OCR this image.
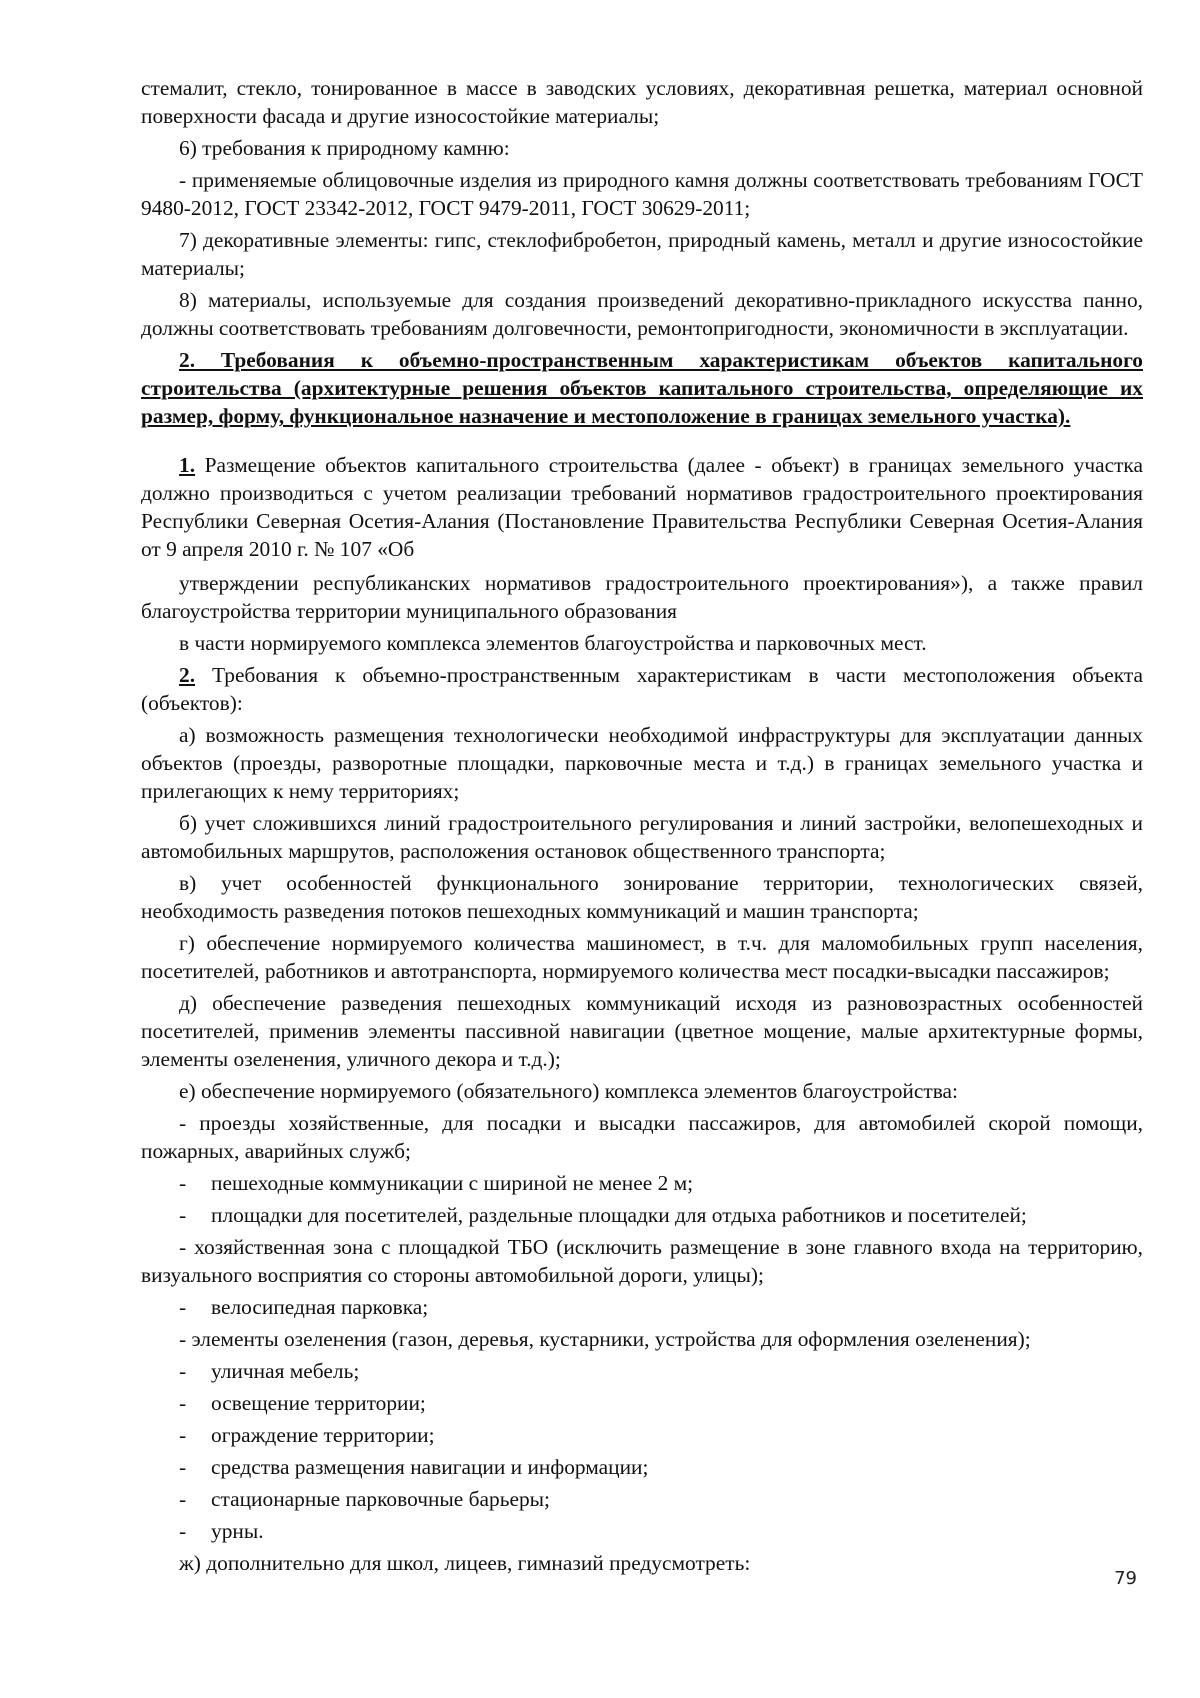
стемалит, стекло, тонированное в массе в заводских условиях, декоративная решетка, материал основной поверхности фасада и другие износостойкие материалы;

6) требования к природному камню:

- применяемые облицовочные изделия из природного камня должны соответствовать требованиям ГОСТ 9480-2012, ГОСТ 23342-2012, ГОСТ 9479-2011, ГОСТ 30629-2011;

7) декоративные элементы: гипс, стеклофибробетон, природный камень, металл и другие износостойкие материалы;

8) материалы, используемые для создания произведений декоративно-прикладного искусства панно, должны соответствовать требованиям долговечности, ремонтопригодности, экономичности в эксплуатации.

2. Требования к объемно-пространственным характеристикам объектов капитального строительства (архитектурные решения объектов капитального строительства, определяющие их размер, форму, функциональное назначение и местоположение в границах земельного участка).

1. Размещение объектов капитального строительства (далее - объект) в границах земельного участка должно производиться с учетом реализации требований нормативов градостроительного проектирования Республики Северная Осетия-Алания (Постановление Правительства Республики Северная Осетия-Алания от 9 апреля 2010 г. № 107 «Об

утверждении республиканских нормативов градостроительного проектирования»), а также правил благоустройства территории муниципального образования

в части нормируемого комплекса элементов благоустройства и парковочных мест.

2. Требования к объемно-пространственным характеристикам в части местоположения объекта (объектов):

а) возможность размещения технологически необходимой инфраструктуры для эксплуатации данных объектов (проезды, разворотные площадки, парковочные места и т.д.) в границах земельного участка и прилегающих к нему территориях;

б) учет сложившихся линий градостроительного регулирования и линий застройки, велопешеходных и автомобильных маршрутов, расположения остановок общественного транспорта;

в) учет особенностей функционального зонирование территории, технологических связей, необходимость разведения потоков пешеходных коммуникаций и машин транспорта;

г) обеспечение нормируемого количества машиномест, в т.ч. для маломобильных групп населения, посетителей, работников и автотранспорта, нормируемого количества мест посадки-высадки пассажиров;

д) обеспечение разведения пешеходных коммуникаций исходя из разновозрастных особенностей посетителей, применив элементы пассивной навигации (цветное мощение, малые архитектурные формы, элементы озеленения, уличного декора и т.д.);

е) обеспечение нормируемого (обязательного) комплекса элементов благоустройства:

- проезды хозяйственные, для посадки и высадки пассажиров, для автомобилей скорой помощи, пожарных, аварийных служб;

-	пешеходные коммуникации с шириной не менее 2 м;
-	площадки для посетителей, раздельные площадки для отдыха работников и посетителей;

- хозяйственная зона с площадкой ТБО (исключить размещение в зоне главного входа на территорию, визуального восприятия со стороны автомобильной дороги, улицы);

-	велосипедная парковка;

- элементы озеленения (газон, деревья, кустарники, устройства для оформления озеленения);

-	уличная мебель;
-	освещение территории;
-	ограждение территории;
-	средства размещения навигации и информации;
-	стационарные парковочные барьеры;
-	урны.

ж) дополнительно для школ, лицеев, гимназий предусмотреть:

79
